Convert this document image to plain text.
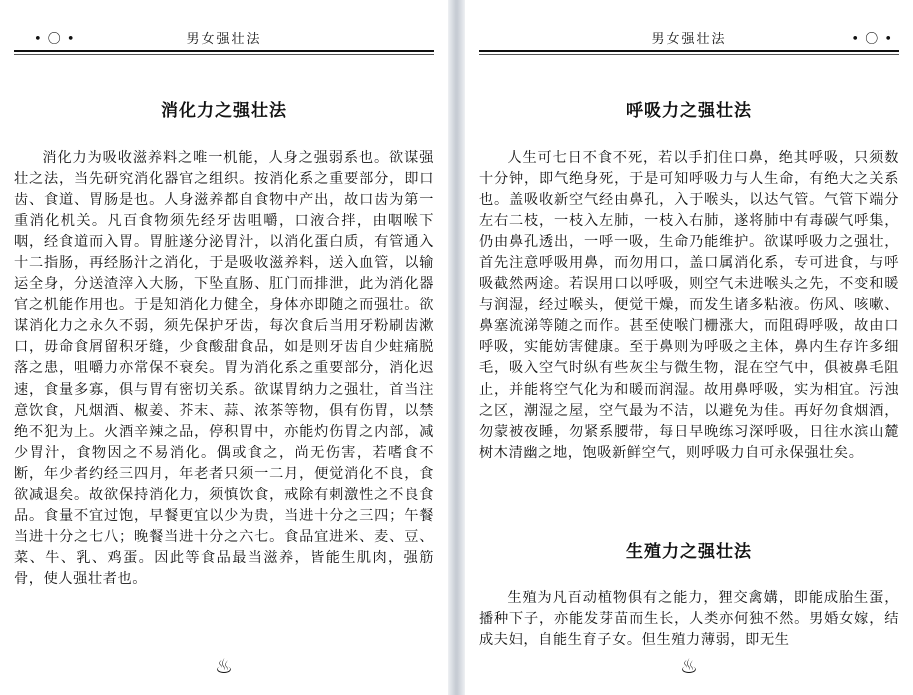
• 〇 •	男女强壮法
消化力之强壮法

消化力为吸收滋养料之唯一机能，人身之强弱系也。欲谋强壮之法，当先研究消化器官之组织。按消化系之重要部分，即口齿、食道、胃肠是也。人身滋养都自食物中产出，故口齿为第一重消化机关。凡百食物须先经牙齿咀嚼，口液合拌，由咽喉下咽，经食道而入胃。胃脏遂分泌胃汁，以消化蛋白质，有管通入十二指肠，再经肠汁之消化，于是吸收滋养料，送入血管，以输运全身，分送渣滓入大肠，下坠直肠、肛门而排泄，此为消化器官之机能作用也。于是知消化力健全，身体亦即随之而强壮。欲谋消化力之永久不弱，须先保护牙齿，每次食后当用牙粉刷齿漱口，毋命食屑留积牙缝，少食酸甜食品，如是则牙齿自少蛀痛脱落之患，咀嚼力亦常保不衰矣。胃为消化系之重要部分，消化迟速，食量多寡，俱与胃有密切关系。欲谋胃纳力之强壮，首当注意饮食，凡烟酒、椒姜、芥末、蒜、浓茶等物，俱有伤胃，以禁绝不犯为上。火酒辛辣之品，停积胃中，亦能灼伤胃之内部，减少胃汁，食物因之不易消化。偶或食之，尚无伤害，若嗜食不断，年少者约经三四月，年老者只须一二月，便觉消化不良，食欲减退矣。故欲保持消化力，须慎饮食，戒除有刺激性之不良食品。食量不宜过饱，早餐更宜以少为贵，当进十分之三四；午餐当进十分之七八；晚餐当进十分之六七。食品宜进米、麦、豆、菜、牛、乳、鸡蛋。因此等食品最当滋养，皆能生肌肉，强筋骨，使人强壮者也。

♨
男女强壮法	• 〇 •
呼吸力之强壮法

人生可七日不食不死，若以手扪住口鼻，绝其呼吸，只须数十分钟，即气绝身死，于是可知呼吸力与人生命，有绝大之关系也。盖吸收新空气经由鼻孔，入于喉头，以达气管。气管下端分左右二枝，一枝入左肺，一枝入右肺，遂将肺中有毒碳气呼集，仍由鼻孔透出，一呼一吸，生命乃能维护。欲谋呼吸力之强壮，首先注意呼吸用鼻，而勿用口，盖口属消化系，专可进食，与呼吸截然两途。若误用口以呼吸，则空气未进喉头之先，不变和暖与润湿，经过喉头，便觉干燥，而发生诸多粘液。伤风、咳嗽、鼻塞流涕等随之而作。甚至使喉门栅涨大，而阻碍呼吸，故由口呼吸，实能妨害健康。至于鼻则为呼吸之主体，鼻内生存许多细毛，吸入空气时纵有些灰尘与微生物，混在空气中，俱被鼻毛阻止，并能将空气化为和暖而润湿。故用鼻呼吸，实为相宜。污浊之区，潮湿之屋，空气最为不洁，以避免为佳。再好勿食烟酒，勿蒙被夜睡，勿紧系腰带，每日早晚练习深呼吸，日往水滨山麓树木清幽之地，饱吸新鲜空气，则呼吸力自可永保强壮矣。

生殖力之强壮法

生殖为凡百动植物俱有之能力，狸交禽媾，即能成胎生蛋，播种下子，亦能发芽苗而生长，人类亦何独不然。男婚女嫁，结成夫妇，自能生育子女。但生殖力薄弱，即无生

♨
